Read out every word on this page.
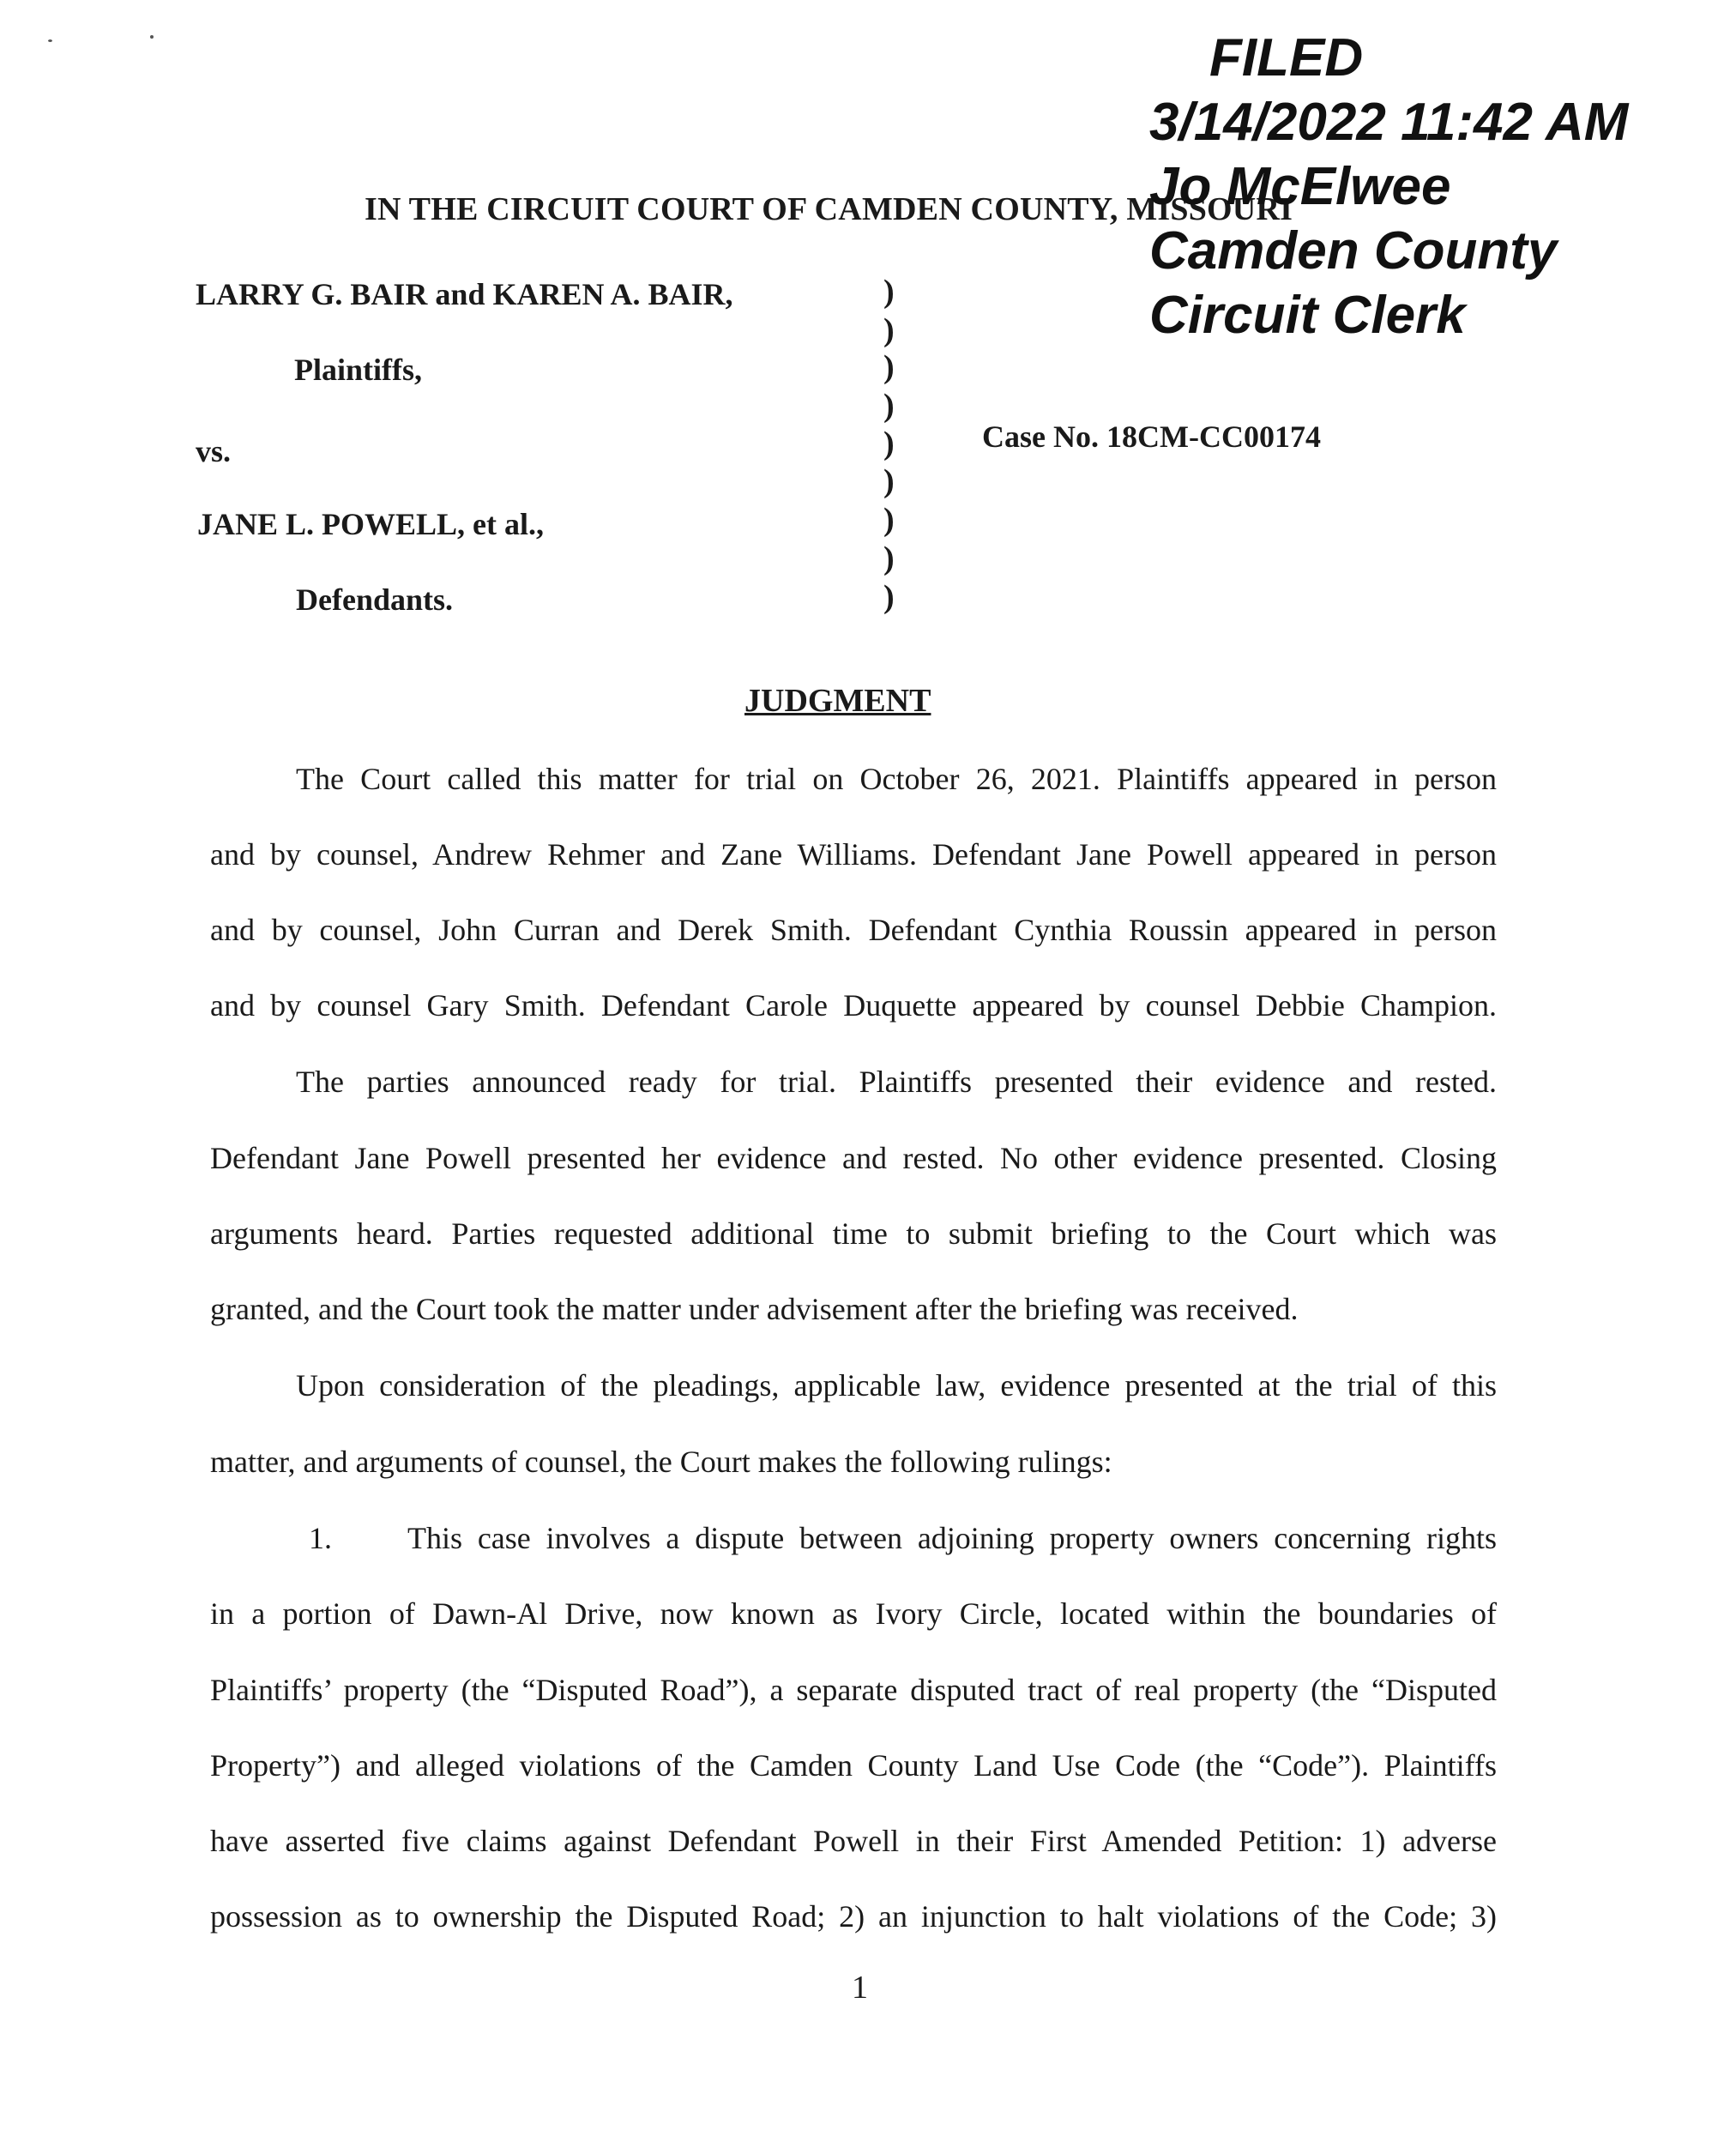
FILED
3/14/2022 11:42 AM
Jo McElwee
Camden County
Circuit Clerk
IN THE CIRCUIT COURT OF CAMDEN COUNTY, MISSOURI
LARRY G. BAIR and KAREN A. BAIR,
Plaintiffs,
vs.
JANE L. POWELL, et al.,
Defendants.
)
)
)
)
)
)
)
)
)
Case No. 18CM-CC00174
JUDGMENT
The Court called this matter for trial on October 26, 2021. Plaintiffs appeared in person
and by counsel, Andrew Rehmer and Zane Williams. Defendant Jane Powell appeared in person
and by counsel, John Curran and Derek Smith. Defendant Cynthia Roussin appeared in person
and by counsel Gary Smith. Defendant Carole Duquette appeared by counsel Debbie Champion.
The parties announced ready for trial. Plaintiffs presented their evidence and rested.
Defendant Jane Powell presented her evidence and rested. No other evidence presented. Closing
arguments heard. Parties requested additional time to submit briefing to the Court which was
granted, and the Court took the matter under advisement after the briefing was received.
Upon consideration of the pleadings, applicable law, evidence presented at the trial of this
matter, and arguments of counsel, the Court makes the following rulings:
1. This case involves a dispute between adjoining property owners concerning rights
in a portion of Dawn-Al Drive, now known as Ivory Circle, located within the boundaries of
Plaintiffs’ property (the “Disputed Road”), a separate disputed tract of real property (the “Disputed
Property”) and alleged violations of the Camden County Land Use Code (the “Code”). Plaintiffs
have asserted five claims against Defendant Powell in their First Amended Petition: 1) adverse
possession as to ownership the Disputed Road; 2) an injunction to halt violations of the Code; 3)
1
